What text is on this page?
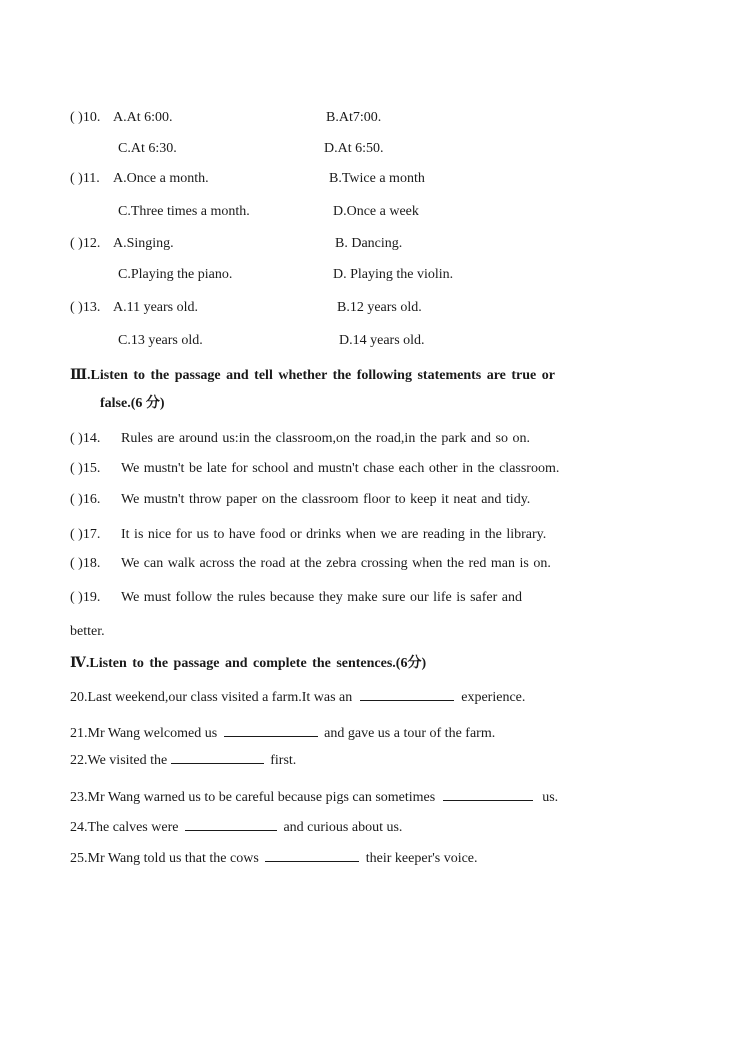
( )10. A.At 6:00.	B.At7:00.
C.At 6:30.	D.At 6:50.
( )11. A.Once a month.	B.Twice a month
C.Three times a month.	D.Once a week
( )12. A.Singing.	B. Dancing.
C.Playing the piano.	D. Playing the violin.
( )13. A.11 years old.	B.12 years old.
C.13 years old.	D.14 years old.
Ⅲ.Listen to the passage and tell whether the following statements are true or
false.(6 分)
( )14. Rules are around us:in the classroom,on the road,in the park and so on.
( )15. We mustn't be late for school and mustn't chase each other in the classroom.
( )16. We mustn't throw paper on the classroom floor to keep it neat and tidy.
( )17. It is nice for us to have food or drinks when we are reading in the library.
( )18. We can walk across the road at the zebra crossing when the red man is on.
( )19. We must follow the rules because they make sure our life is safer and
better.
Ⅳ.Listen to the passage and complete the sentences.(6分)
20.Last weekend,our class visited a farm.It was an	experience.
21.Mr Wang welcomed us	and gave us a tour of the farm.
22.We visited the	first.
23.Mr Wang warned us to be careful because pigs can sometimes	us.
24.The calves were	and curious about us.
25.Mr Wang told us that the cows	their keeper's voice.
